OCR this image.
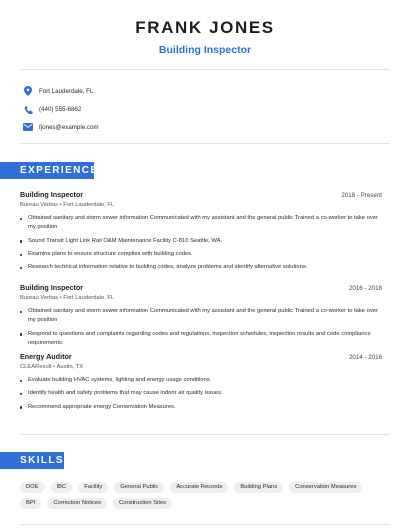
FRANK JONES
Building Inspector
Fort Lauderdale, FL
(440) 555-6862
fjones@example.com
EXPERIENCE
Building Inspector	2018 - Present
Bureau Veritas • Fort Lauderdale, FL
Obtained sanitary and storm sewer information Communicated with my assistant and the general public Trained a co-worker to take over my position
Sound Transit Light Link Rail O&M Maintenance Facility C-810 Seattle, WA.
Examine plans to ensure structure complies with building codes.
Research technical information relative to building codes, analyze problems and identify alternative solutions.
Building Inspector	2016 - 2018
Bureau Veritas • Fort Lauderdale, FL
Obtained sanitary and storm sewer information Communicated with my assistant and the general public Trained a co-worker to take over my position
Respond to questions and complaints regarding codes and regulations, inspection schedules, inspection results and code compliance requirements.
Energy Auditor	2014 - 2016
CLEAResult • Austin, TX
Evaluate building HVAC systems, lighting and energy usage conditions.
Identify health and safety problems that may cause indoor air quality issues.
Recommend appropriate energy Conservation Measures.
SKILLS
DOE	IBC	Facility	General Public	Accurate Records	Building Plans	Conservation Measures
BPI	Correction Notices	Construction Sites
